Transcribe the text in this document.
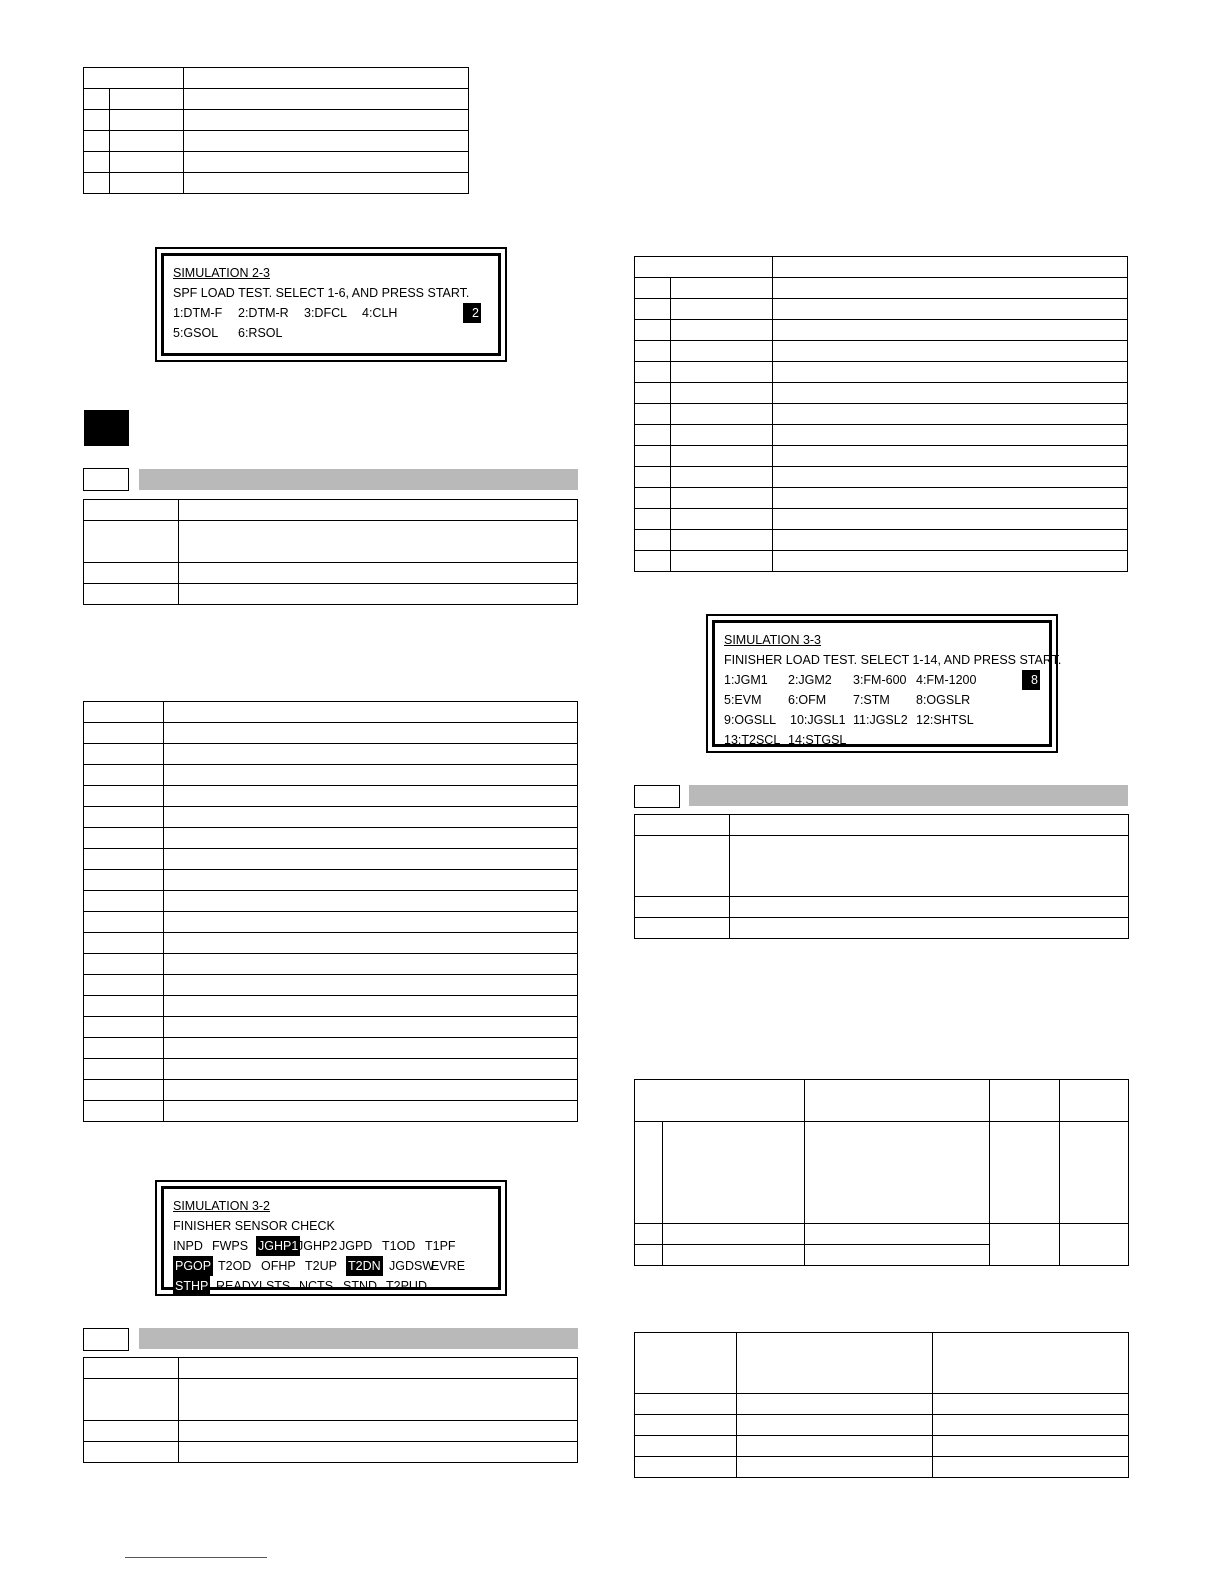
SIMULATION 2-3
SPF LOAD TEST. SELECT 1-6, AND PRESS START.
1:DTM-F 2:DTM-R 3:DFCL 4:CLH	2
5:GSOL 6:RSOL

SIMULATION 3-2
FINISHER SENSOR CHECK
INPD FWPS JGHP1
JGHP2 JGPD T1OD T1PF
PGOP T2OD OFHP T2UP T2DN JGDSW
EVRE
STHP READY LSTS NCTS STND T2PUD

SIMULATION 3-3
FINISHER LOAD TEST. SELECT 1-14, AND PRESS START.
1:JGM1 2:JGM2 3:FM-600 4:FM-1200	8
5:EVM 6:OFM 7:STM 8:OGSLR
9:OGSLL 10:JGSL1 11:JGSL2 12:SHTSL
13:T2SCL 14:STGSL
